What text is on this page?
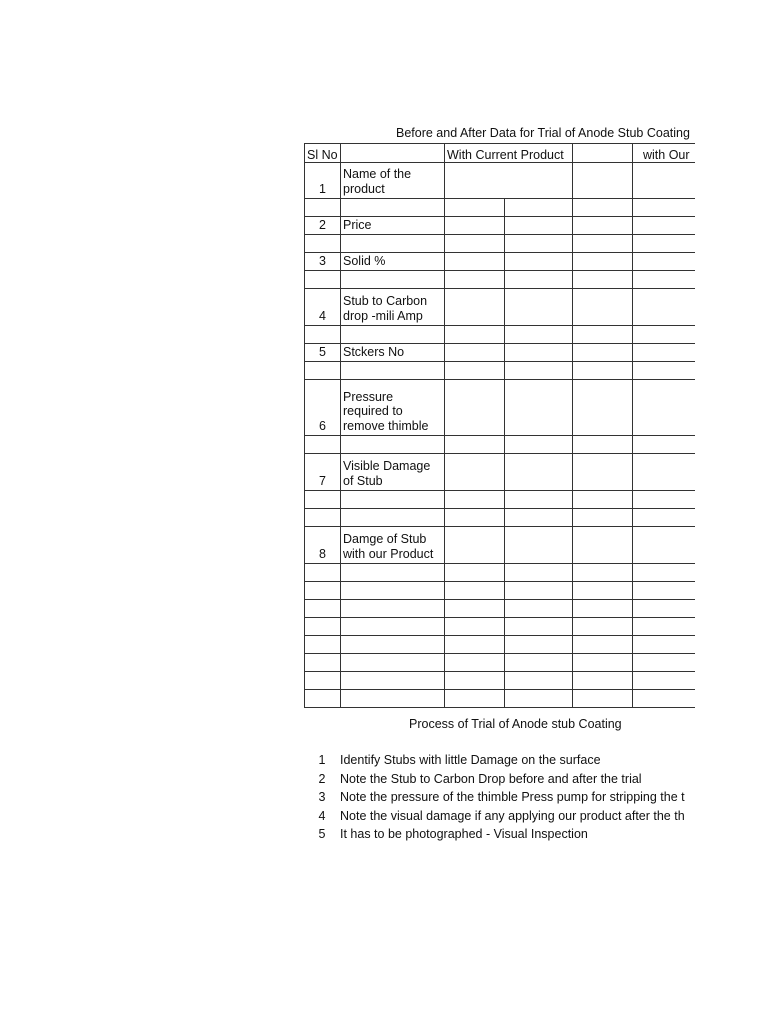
Before and After Data for Trial of Anode Stub Coating
Sl No		With Current Product			with Our
1	Name of the product				

2	Price				

3	Solid %				

4	Stub to Carbon drop -mili Amp				

5	Stckers No				

6	Pressure required to remove thimble				

7	Visible Damage of Stub				

8	Damge of Stub with our Product				

Process of Trial of Anode stub Coating
1	Identify Stubs with little Damage on the surface
2	Note the Stub to Carbon Drop before and after the trial
3	Note the pressure of the thimble Press pump for stripping the t
4	Note the visual damage if any applying our product after the th
5	It has to be photographed - Visual Inspection
